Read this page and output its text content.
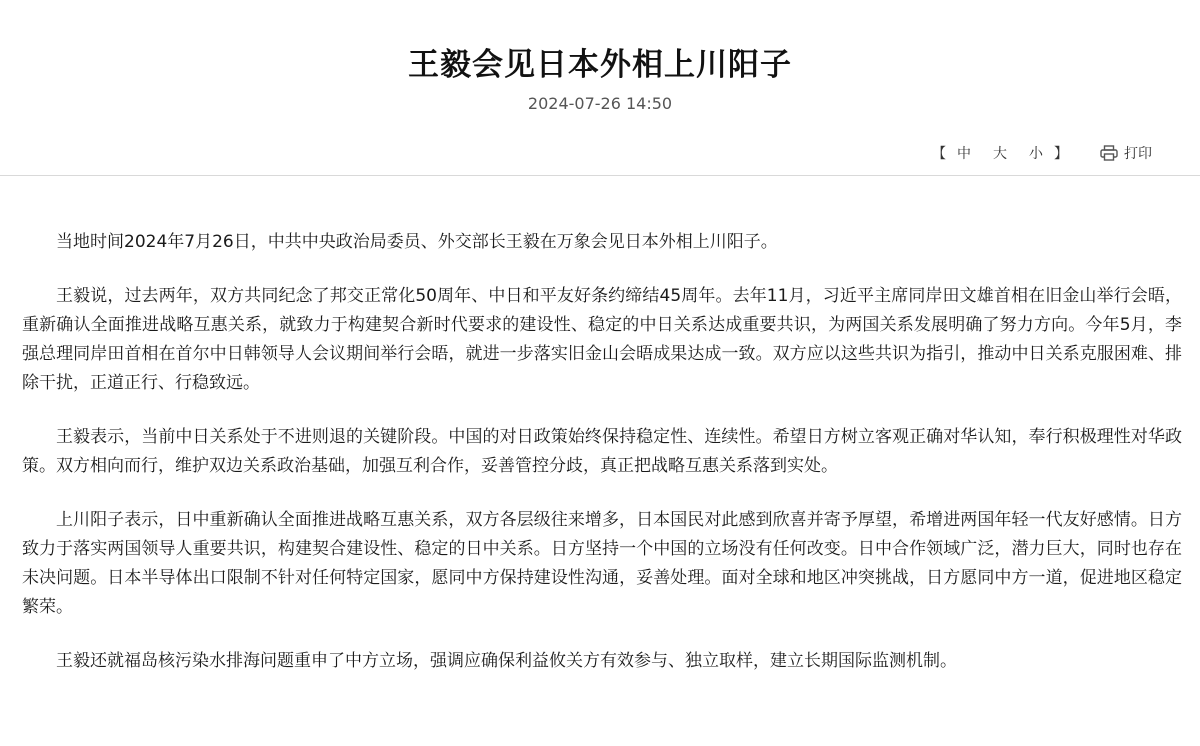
王毅会见日本外相上川阳子
2024-07-26 14:50
【 中 大 小 】	打印

当地时间2024年7月26日，中共中央政治局委员、外交部长王毅在万象会见日本外相上川阳子。

王毅说，过去两年，双方共同纪念了邦交正常化50周年、中日和平友好条约缔结45周年。去年11月，习近平主席同岸田文雄首相在旧金山举行会晤，重新确认全面推进战略互惠关系，就致力于构建契合新时代要求的建设性、稳定的中日关系达成重要共识，为两国关系发展明确了努力方向。今年5月，李强总理同岸田首相在首尔中日韩领导人会议期间举行会晤，就进一步落实旧金山会晤成果达成一致。双方应以这些共识为指引，推动中日关系克服困难、排除干扰，正道正行、行稳致远。

王毅表示，当前中日关系处于不进则退的关键阶段。中国的对日政策始终保持稳定性、连续性。希望日方树立客观正确对华认知，奉行积极理性对华政策。双方相向而行，维护双边关系政治基础，加强互利合作，妥善管控分歧，真正把战略互惠关系落到实处。

上川阳子表示，日中重新确认全面推进战略互惠关系，双方各层级往来增多，日本国民对此感到欣喜并寄予厚望，希增进两国年轻一代友好感情。日方致力于落实两国领导人重要共识，构建契合建设性、稳定的日中关系。日方坚持一个中国的立场没有任何改变。日中合作领域广泛，潜力巨大，同时也存在未决问题。日本半导体出口限制不针对任何特定国家，愿同中方保持建设性沟通，妥善处理。面对全球和地区冲突挑战，日方愿同中方一道，促进地区稳定繁荣。

王毅还就福岛核污染水排海问题重申了中方立场，强调应确保利益攸关方有效参与、独立取样，建立长期国际监测机制。
